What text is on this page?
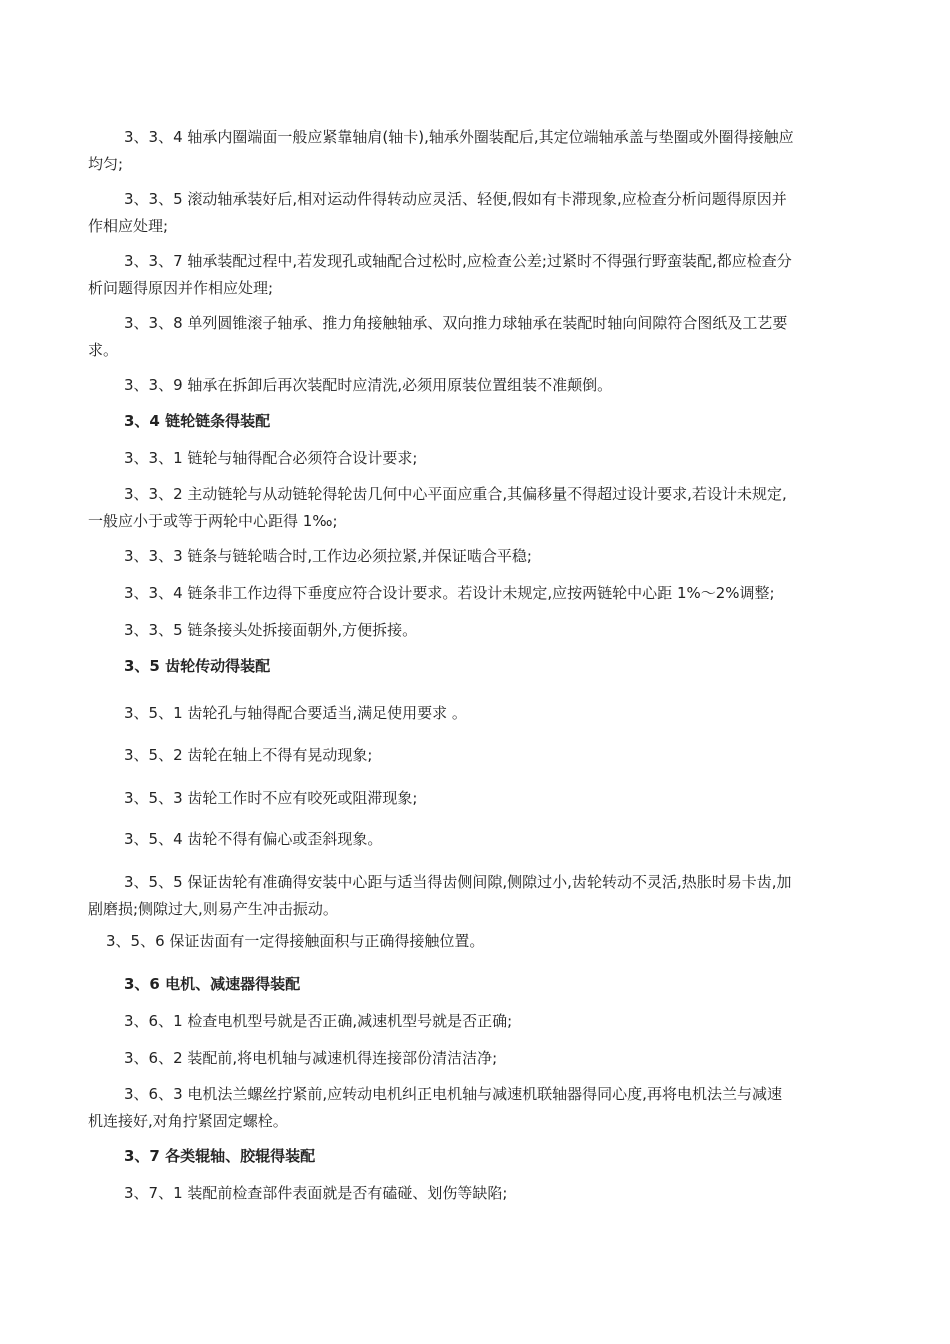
3、3、4 轴承内圈端面一般应紧靠轴肩(轴卡),轴承外圈装配后,其定位端轴承盖与垫圈或外圈得接触应
均匀;
3、3、5 滚动轴承装好后,相对运动件得转动应灵活、轻便,假如有卡滞现象,应检查分析问题得原因并
作相应处理;
3、3、7 轴承装配过程中,若发现孔或轴配合过松时,应检查公差;过紧时不得强行野蛮装配,都应检查分
析问题得原因并作相应处理;
3、3、8 单列圆锥滚子轴承、推力角接触轴承、双向推力球轴承在装配时轴向间隙符合图纸及工艺要
求。
3、3、9 轴承在拆卸后再次装配时应清洗,必须用原装位置组装不准颠倒。
3、4 链轮链条得装配
3、3、1 链轮与轴得配合必须符合设计要求;
3、3、2 主动链轮与从动链轮得轮齿几何中心平面应重合,其偏移量不得超过设计要求,若设计未规定,
一般应小于或等于两轮中心距得 1‰;
3、3、3 链条与链轮啮合时,工作边必须拉紧,并保证啮合平稳;
3、3、4 链条非工作边得下垂度应符合设计要求。若设计未规定,应按两链轮中心距 1%～2%调整;
3、3、5 链条接头处拆接面朝外,方便拆接。
3、5 齿轮传动得装配
3、5、1 齿轮孔与轴得配合要适当,满足使用要求 。
3、5、2 齿轮在轴上不得有晃动现象;
3、5、3 齿轮工作时不应有咬死或阻滞现象;
3、5、4 齿轮不得有偏心或歪斜现象。
3、5、5 保证齿轮有准确得安装中心距与适当得齿侧间隙,侧隙过小,齿轮转动不灵活,热胀时易卡齿,加
剧磨损;侧隙过大,则易产生冲击振动。
3、5、6 保证齿面有一定得接触面积与正确得接触位置。
3、6 电机、减速器得装配
3、6、1 检查电机型号就是否正确,减速机型号就是否正确;
3、6、2 装配前,将电机轴与减速机得连接部份清洁洁净;
3、6、3 电机法兰螺丝拧紧前,应转动电机纠正电机轴与减速机联轴器得同心度,再将电机法兰与减速
机连接好,对角拧紧固定螺栓。
3、7 各类辊轴、胶辊得装配
3、7、1 装配前检查部件表面就是否有磕碰、划伤等缺陷;
